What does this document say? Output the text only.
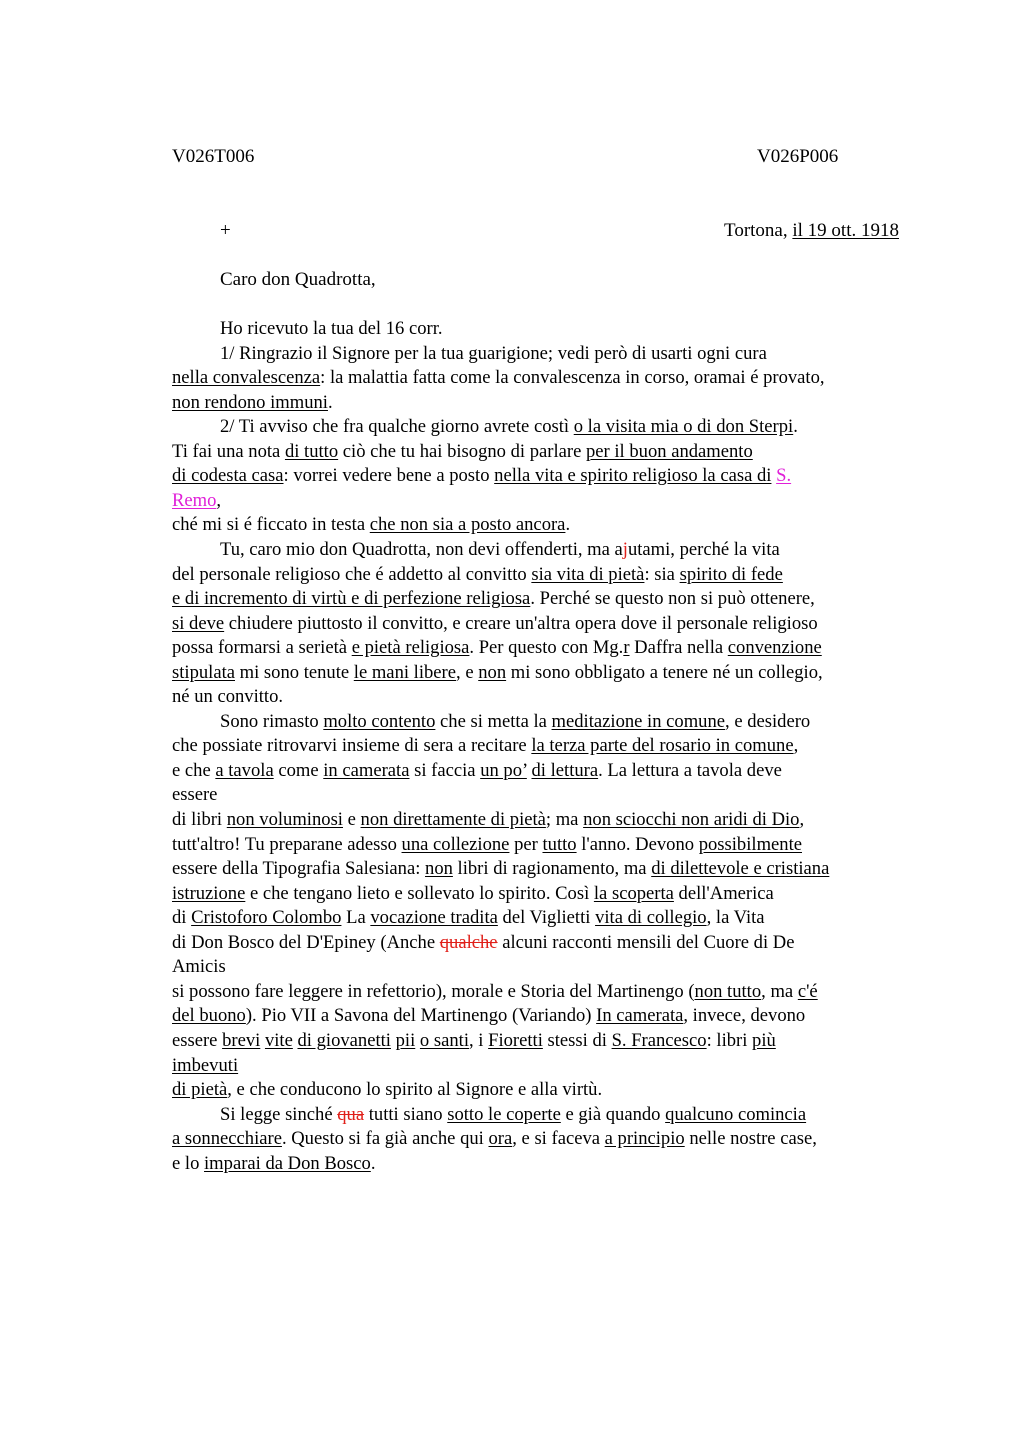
V026T006	V026P006
+	Tortona, il 19 ott. 1918
Caro don Quadrotta,
Ho ricevuto la tua del 16 corr.
1/ Ringrazio il Signore per la tua guarigione; vedi però di usarti ogni cura
nella convalescenza: la malattia fatta come la convalescenza in corso, oramai é provato,
non rendono immuni.
2/ Ti avviso che fra qualche giorno avrete costì o la visita mia o di don Sterpi.
Ti fai una nota di tutto ciò che tu hai bisogno di parlare per il buon andamento
di codesta casa: vorrei vedere bene a posto nella vita e spirito religioso la casa di S.
Remo,
ché mi si é ficcato in testa che non sia a posto ancora.
Tu, caro mio don Quadrotta, non devi offenderti, ma ajutami, perché la vita
del personale religioso che é addetto al convitto sia vita di pietà: sia spirito di fede
e di incremento di virtù e di perfezione religiosa. Perché se questo non si può ottenere,
si deve chiudere piuttosto il convitto, e creare un'altra opera dove il personale religioso
possa formarsi a serietà e pietà religiosa. Per questo con Mg.r Daffra nella convenzione
stipulata mi sono tenute le mani libere, e non mi sono obbligato a tenere né un collegio,
né un convitto.
Sono rimasto molto contento che si metta la meditazione in comune, e desidero
che possiate ritrovarvi insieme di sera a recitare la terza parte del rosario in comune,
e che a tavola come in camerata si faccia un po’ di lettura. La lettura a tavola deve
essere
di libri non voluminosi e non direttamente di pietà; ma non sciocchi non aridi di Dio,
tutt'altro! Tu preparane adesso una collezione per tutto l'anno. Devono possibilmente
essere della Tipografia Salesiana: non libri di ragionamento, ma di dilettevole e cristiana
istruzione e che tengano lieto e sollevato lo spirito. Così la scoperta dell'America
di Cristoforo Colombo La vocazione tradita del Viglietti vita di collegio, la Vita
di Don Bosco del D'Epiney (Anche qualche alcuni racconti mensili del Cuore di De
Amicis
si possono fare leggere in refettorio), morale e Storia del Martinengo (non tutto, ma c'é
del buono). Pio VII a Savona del Martinengo (Variando) In camerata, invece, devono
essere brevi vite di giovanetti pii o santi, i Fioretti stessi di S. Francesco: libri più
imbevuti
di pietà, e che conducono lo spirito al Signore e alla virtù.
Si legge sinché qua tutti siano sotto le coperte e già quando qualcuno comincia
a sonnecchiare. Questo si fa già anche qui ora, e si faceva a principio nelle nostre case,
e lo imparai da Don Bosco.
